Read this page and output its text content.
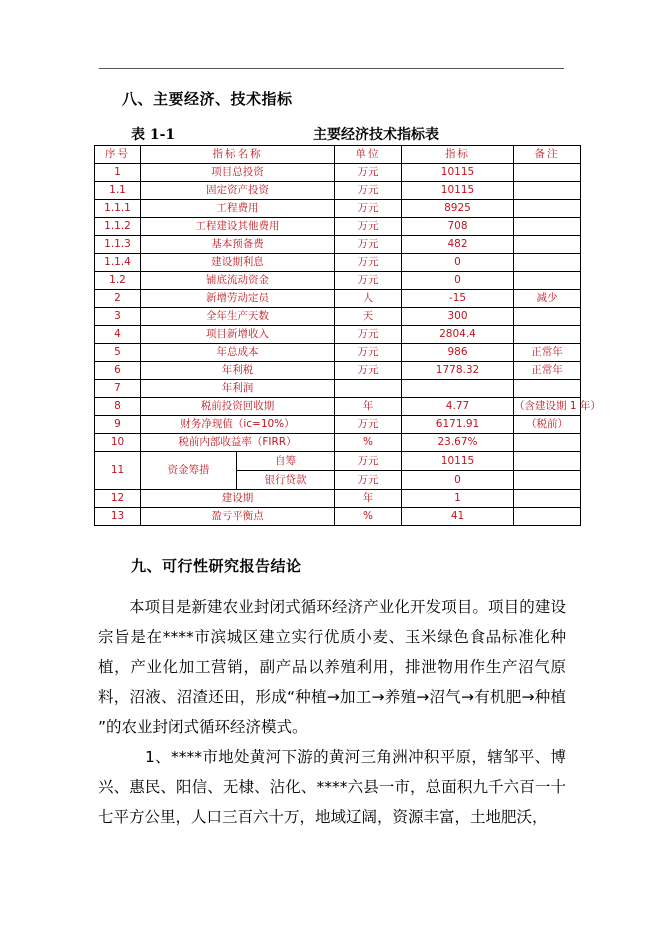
八、主要经济、技术指标
表 1-1	主要经济技术指标表
序号	指标名称		单位	指标	备注
1	项目总投资		万元	10115	
1.1	固定资产投资		万元	10115	
1.1.1	工程费用		万元	8925	
1.1.2	工程建设其他费用		万元	708	
1.1.3	基本预备费		万元	482	
1.1.4	建设期利息		万元	0	
1.2	铺底流动资金		万元	0	
2	新增劳动定员		人	-15	减少
3	全年生产天数		天	300	
4	项目新增收入		万元	2804.4	
5	年总成本		万元	986	正常年
6	年利税		万元	1778.32	正常年
7	年利润				
8	税前投资回收期		年	4.77	（含建设期 1 年）
9	财务净现值（ic=10%）		万元	6171.91	（税前）
10	税前内部收益率（FIRR）		%	23.67%	
11	资金筹措	自筹	万元	10115	
		银行贷款	万元	0	
12	建设期		年	1	
13	盈亏平衡点		%	41	
九、可行性研究报告结论
本项目是新建农业封闭式循环经济产业化开发项目。项目的建设宗旨是在****市滨城区建立实行优质小麦、玉米绿色食品标准化种植，产业化加工营销，副产品以养殖利用，排泄物用作生产沼气原料，沼液、沼渣还田，形成“种植→加工→养殖→沼气→有机肥→种植 ”的农业封闭式循环经济模式。
1、****市地处黄河下游的黄河三角洲冲积平原，辖邹平、博兴、惠民、阳信、无棣、沾化、****六县一市，总面积九千六百一十七平方公里，人口三百六十万，地域辽阔，资源丰富，土地肥沃，
